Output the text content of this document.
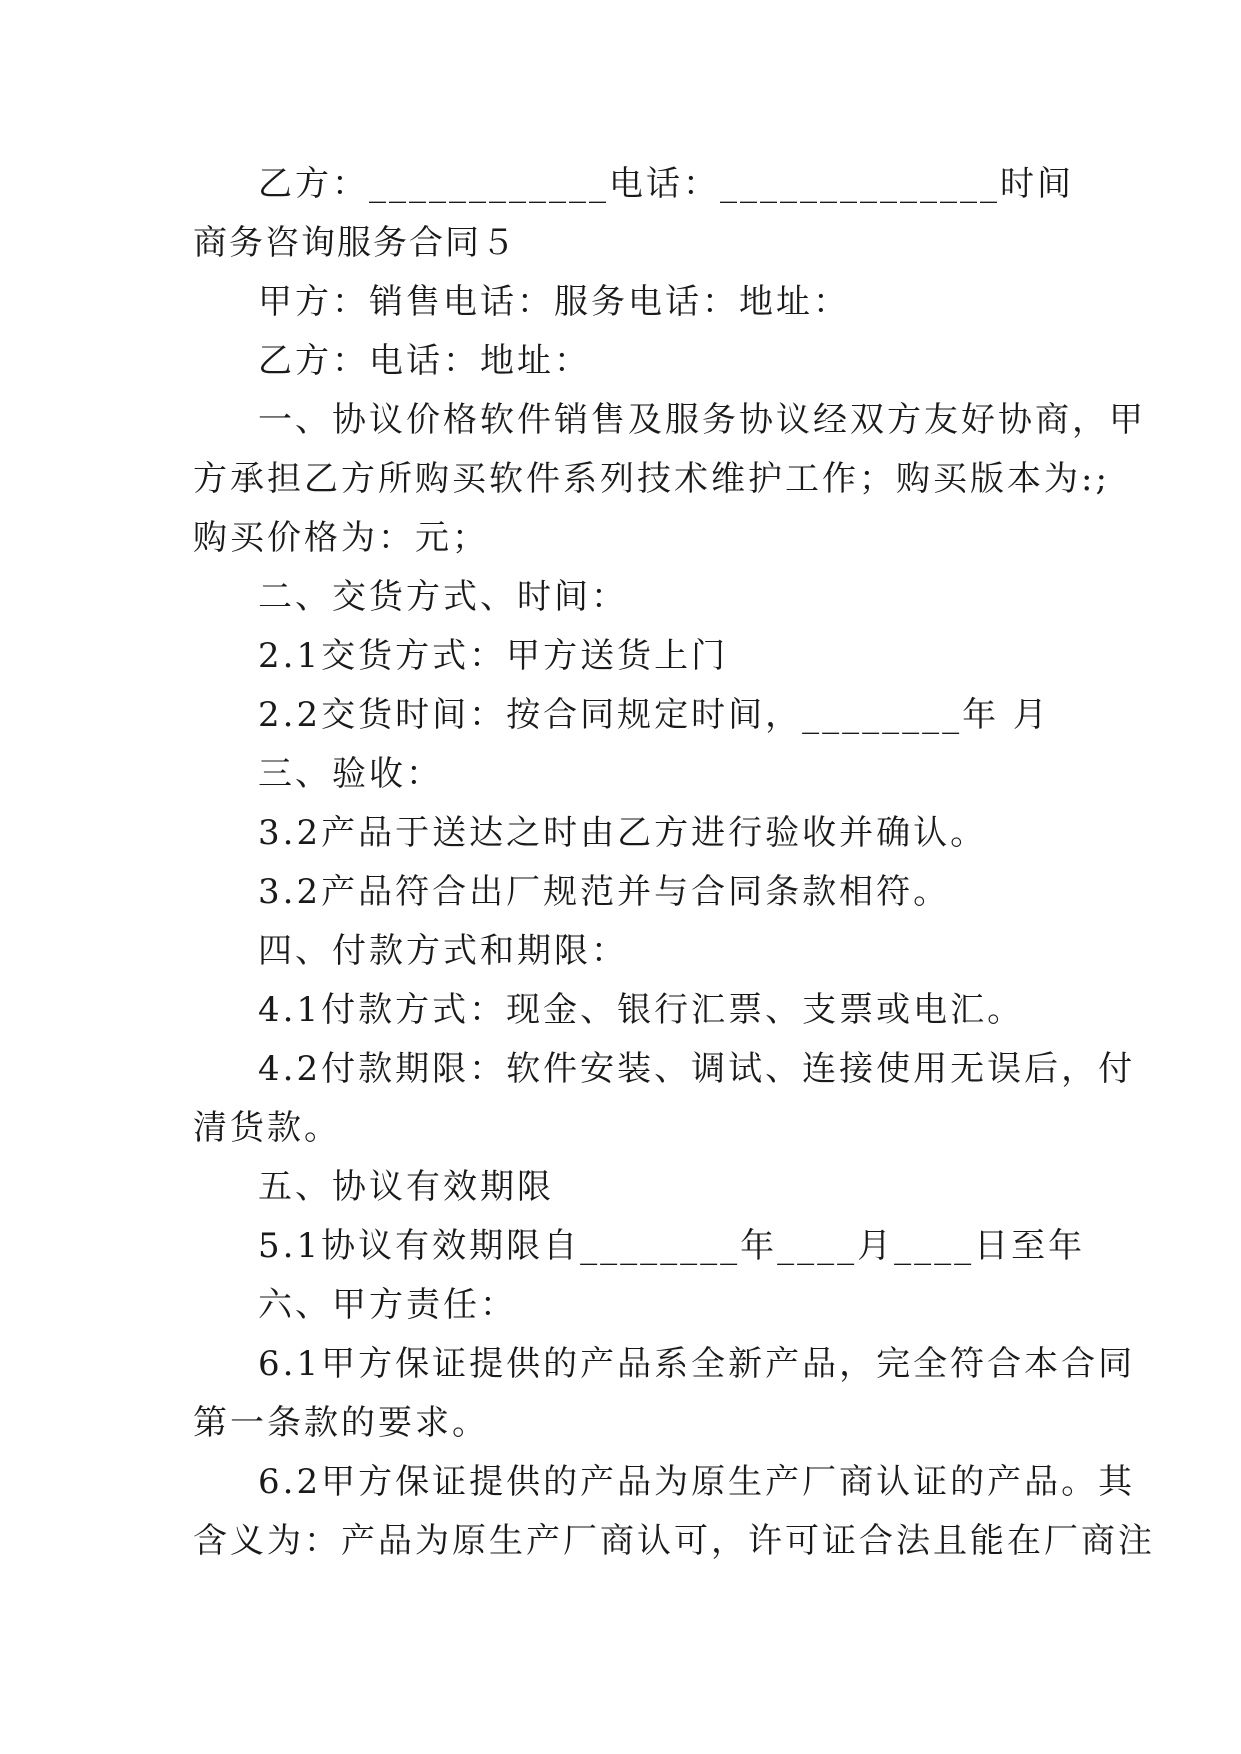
乙方：____________电话：______________时间
商务咨询服务合同５
甲方：销售电话：服务电话：地址：
乙方：电话：地址：
一、协议价格软件销售及服务协议经双方友好协商，甲
方承担乙方所购买软件系列技术维护工作；购买版本为:;
购买价格为：元；
二、交货方式、时间：
2.1交货方式：甲方送货上门
2.2交货时间：按合同规定时间，________年 月
三、验收：
3.2产品于送达之时由乙方进行验收并确认。
3.2产品符合出厂规范并与合同条款相符。
四、付款方式和期限：
4.1付款方式：现金、银行汇票、支票或电汇。
4.2付款期限：软件安装、调试、连接使用无误后，付
清货款。
五、协议有效期限
5.1协议有效期限自________年____月____日至年
六、甲方责任：
6.1甲方保证提供的产品系全新产品，完全符合本合同
第一条款的要求。
6.2甲方保证提供的产品为原生产厂商认证的产品。其
含义为：产品为原生产厂商认可，许可证合法且能在厂商注
